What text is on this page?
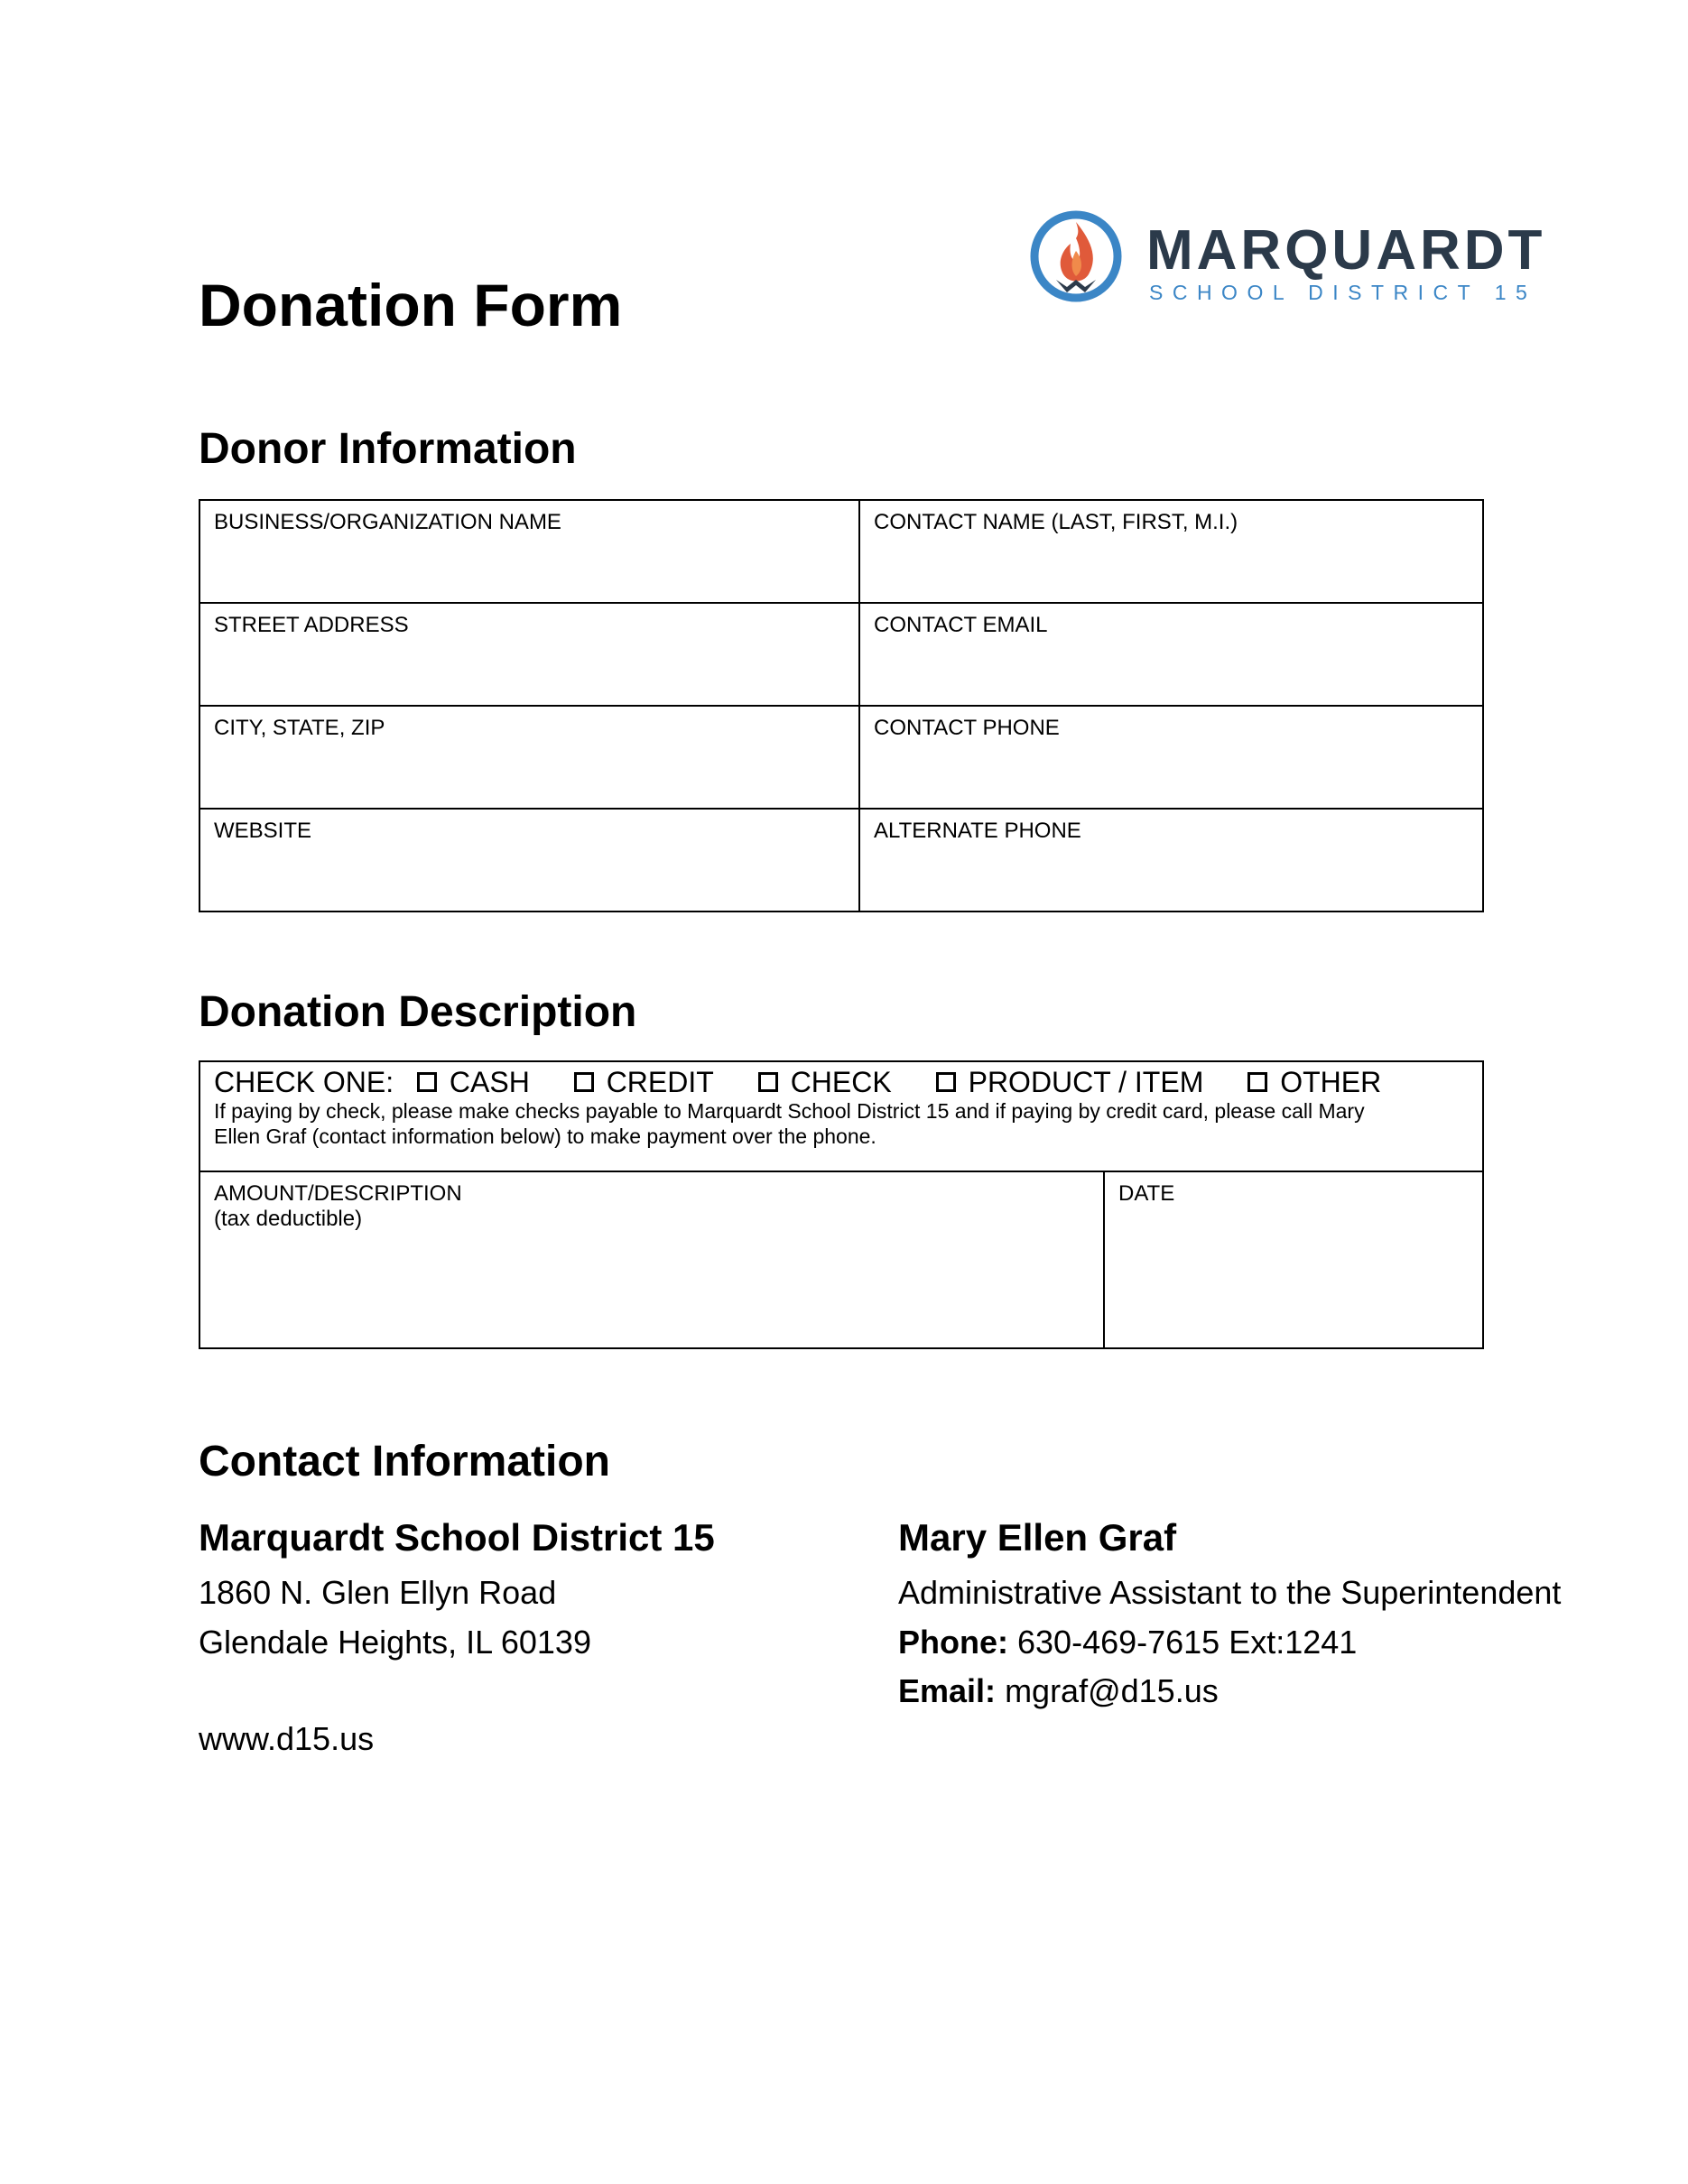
Donation Form
MARQUARDT
SCHOOL DISTRICT 15
Donor Information
BUSINESS/ORGANIZATION NAME	CONTACT NAME (LAST, FIRST, M.I.)
STREET ADDRESS	CONTACT EMAIL
CITY, STATE, ZIP	CONTACT PHONE
WEBSITE	ALTERNATE PHONE
Donation Description
CHECK ONE: CASH
	CREDIT
	CHECK
	PRODUCT / ITEM
	OTHER
If paying by check, please make checks payable to Marquardt School District 15 and if paying by credit card, please call Mary Ellen Graf (contact information below) to make payment over the phone.

AMOUNT/DESCRIPTION
(tax deductible)
	DATE
Contact Information

Marquardt School District 15

1860 N. Glen Ellyn Road

Glendale Heights, IL 60139

www.d15.us

Mary Ellen Graf

Administrative Assistant to the Superintendent

Phone: 630-469-7615 Ext:1241

Email: mgraf@d15.us
